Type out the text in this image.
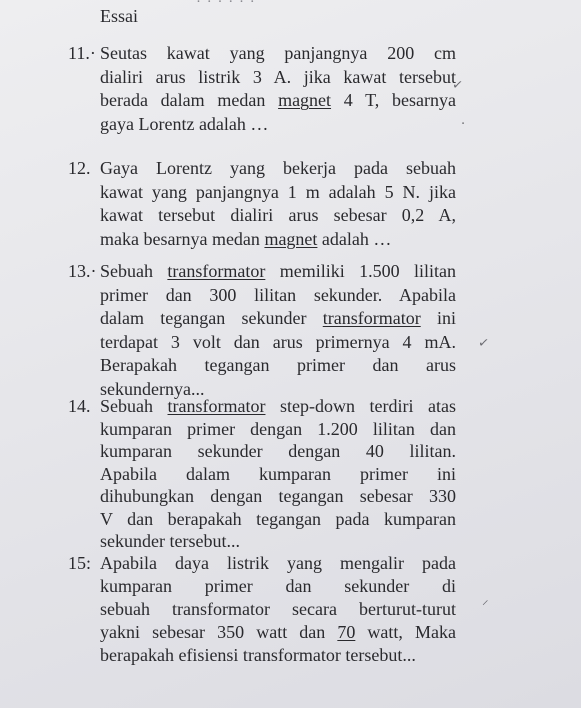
· · · · · ·
Essai
11.· Seutas kawat yang panjangnya 200 cm
dialiri arus listrik 3 A. jika kawat tersebut
berada dalam medan magnet 4 T, besarnya
gaya Lorentz adalah …
12. Gaya Lorentz yang bekerja pada sebuah
kawat yang panjangnya 1 m adalah 5 N. jika
kawat tersebut dialiri arus sebesar 0,2 A,
maka besarnya medan magnet adalah …
13.· Sebuah transformator memiliki 1.500 lilitan
primer dan 300 lilitan sekunder. Apabila
dalam tegangan sekunder transformator ini
terdapat 3 volt dan arus primernya 4 mA.
Berapakah tegangan primer dan arus
sekundernya...
14. Sebuah transformator step-down terdiri atas
kumparan primer dengan 1.200 lilitan dan
kumparan sekunder dengan 40 lilitan.
Apabila dalam kumparan primer ini
dihubungkan dengan tegangan sebesar 330
V dan berapakah tegangan pada kumparan
sekunder tersebut...
15: Apabila daya listrik yang mengalir pada
kumparan primer dan sekunder di
sebuah transformator secara berturut-turut
yakni sebesar 350 watt dan 70 watt, Maka
berapakah efisiensi transformator tersebut...
✓
·
✓
⸝
